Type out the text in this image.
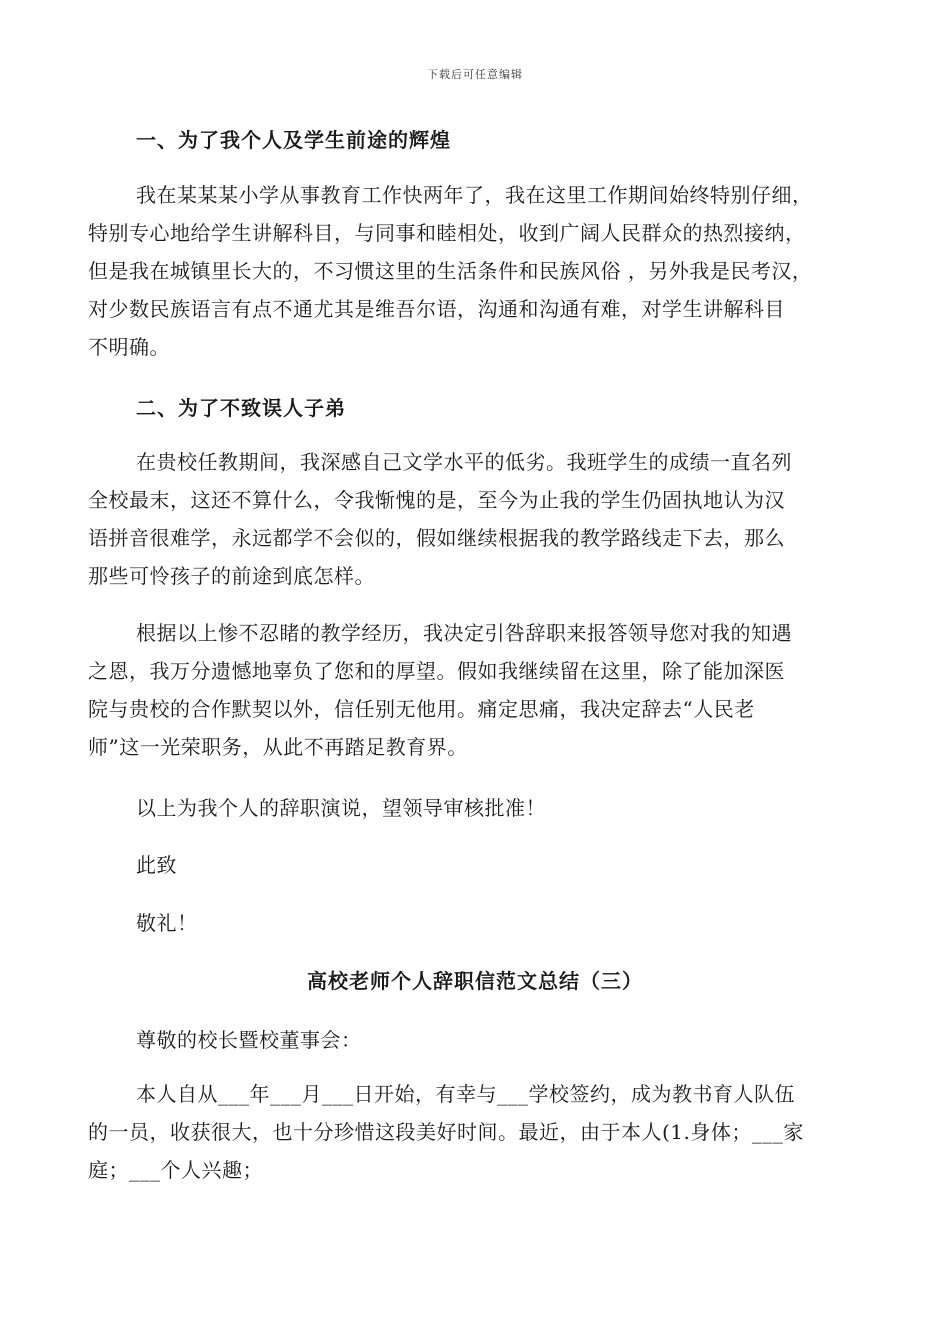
下载后可任意编辑
一、为了我个人及学生前途的辉煌
我在某某某小学从事教育工作快两年了，我在这里工作期间始终特别仔细，
特别专心地给学生讲解科目，与同事和睦相处，收到广阔人民群众的热烈接纳，
但是我在城镇里长大的，不习惯这里的生活条件和民族风俗 ，另外我是民考汉，
对少数民族语言有点不通尤其是维吾尔语，沟通和沟通有难，对学生讲解科目
不明确。
二、为了不致误人子弟
在贵校任教期间，我深感自己文学水平的低劣。我班学生的成绩一直名列
全校最末，这还不算什么，令我惭愧的是，至今为止我的学生仍固执地认为汉
语拼音很难学，永远都学不会似的，假如继续根据我的教学路线走下去，那么
那些可怜孩子的前途到底怎样。
根据以上惨不忍睹的教学经历，我决定引咎辞职来报答领导您对我的知遇
之恩，我万分遗憾地辜负了您和的厚望。假如我继续留在这里，除了能加深医
院与贵校的合作默契以外，信任别无他用。痛定思痛，我决定辞去“人民老
师”这一光荣职务，从此不再踏足教育界。
以上为我个人的辞职演说，望领导审核批准！
此致
敬礼！
高校老师个人辞职信范文总结（三）
尊敬的校长暨校董事会：
本人自从___年___月___日开始，有幸与___学校签约，成为教书育人队伍
的一员，收获很大，也十分珍惜这段美好时间。最近，由于本人(1.身体；___家
庭；___个人兴趣；
